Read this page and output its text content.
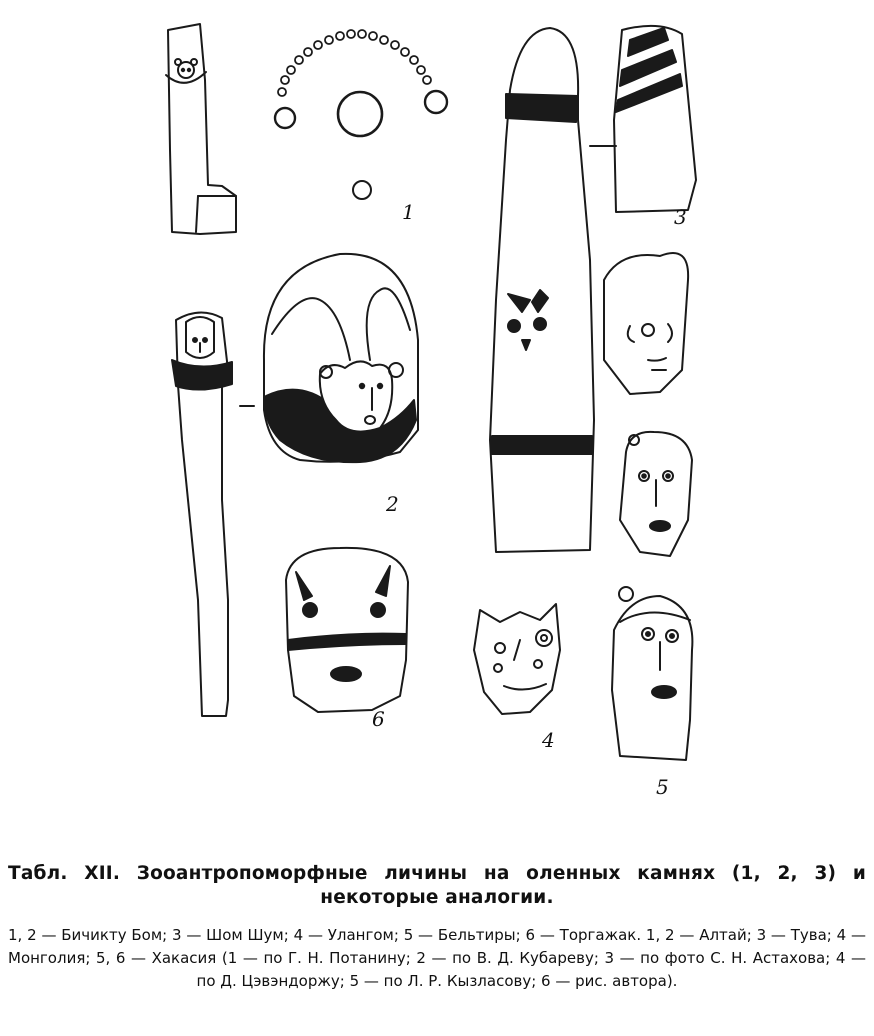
1
2
3
4
5
6

Табл. XII. Зооантропоморфные личины на оленных камнях (1, 2, 3) и некоторые аналогии.

1, 2 — Бичикту Бом; 3 — Шом Шум; 4 — Улангом; 5 — Бельтиры; 6 — Торгажак. 1, 2 — Алтай; 3 — Тува; 4 — Монголия; 5, 6 — Хакасия (1 — по Г. Н. Потанину; 2 — по В. Д. Кубареву; 3 — по фото С. Н. Астахова; 4 — по Д. Цэвэндоржу; 5 — по Л. Р. Кызласову; 6 — рис. автора).
